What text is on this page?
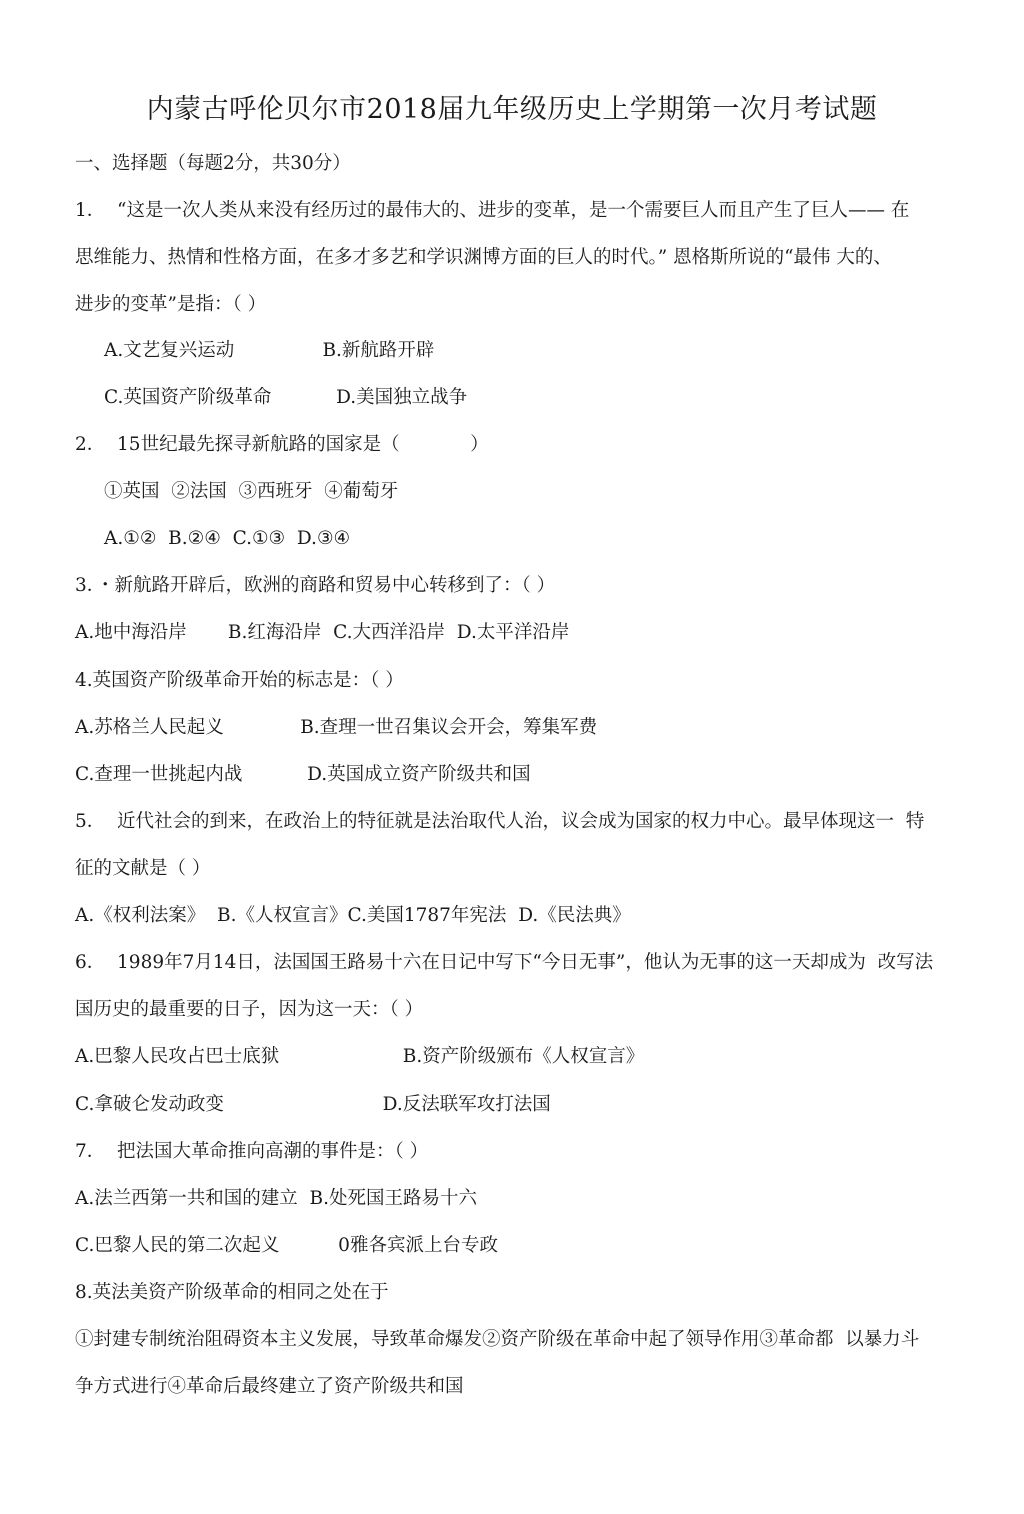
内蒙古呼伦贝尔市2018届九年级历史上学期第一次月考试题
一、选择题（每题2分，共30分）
1．  “这是一次人类从来没有经历过的最伟大的、进步的变革，是一个需要巨人而且产生了巨人—— 在
思维能力、热情和性格方面，在多才多艺和学识渊博方面的巨人的时代。” 恩格斯所说的“最伟 大的、
进步的变革”是指：（ ）
A.文艺复兴运动               B.新航路开辟
C.英国资产阶级革命           D.美国独立战争
2．  15世纪最先探寻新航路的国家是（            ）
①英国  ②法国  ③西班牙  ④葡萄牙
A.①②  B.②④  C.①③  D.③④
3．・新航路开辟后，欧洲的商路和贸易中心转移到了：（ ）
A.地中海沿岸       B.红海沿岸  C.大西洋沿岸  D.太平洋沿岸
4.英国资产阶级革命开始的标志是：（ ）
A.苏格兰人民起义             B.查理一世召集议会开会，筹集军费
C.查理一世挑起内战           D.英国成立资产阶级共和国
5．  近代社会的到来，在政治上的特征就是法治取代人治，议会成为国家的权力中心。最早体现这一  特
征的文献是（ ）
A.《权利法案》  B.《人权宣言》C.美国1787年宪法  D.《民法典》
6．  1989年7月14日，法国国王路易十六在日记中写下“今日无事”，他认为无事的这一天却成为  改写法
国历史的最重要的日子，因为这一天：（ ）
A.巴黎人民攻占巴士底狱                     B.资产阶级颁布《人权宣言》
C.拿破仑发动政变                           D.反法联军攻打法国
7．  把法国大革命推向高潮的事件是：（ ）
A.法兰西第一共和国的建立  B.处死国王路易十六
C.巴黎人民的第二次起义          0雅各宾派上台专政
8.英法美资产阶级革命的相同之处在于
①封建专制统治阻碍资本主义发展，导致革命爆发②资产阶级在革命中起了领导作用③革命都  以暴力斗
争方式进行④革命后最终建立了资产阶级共和国
